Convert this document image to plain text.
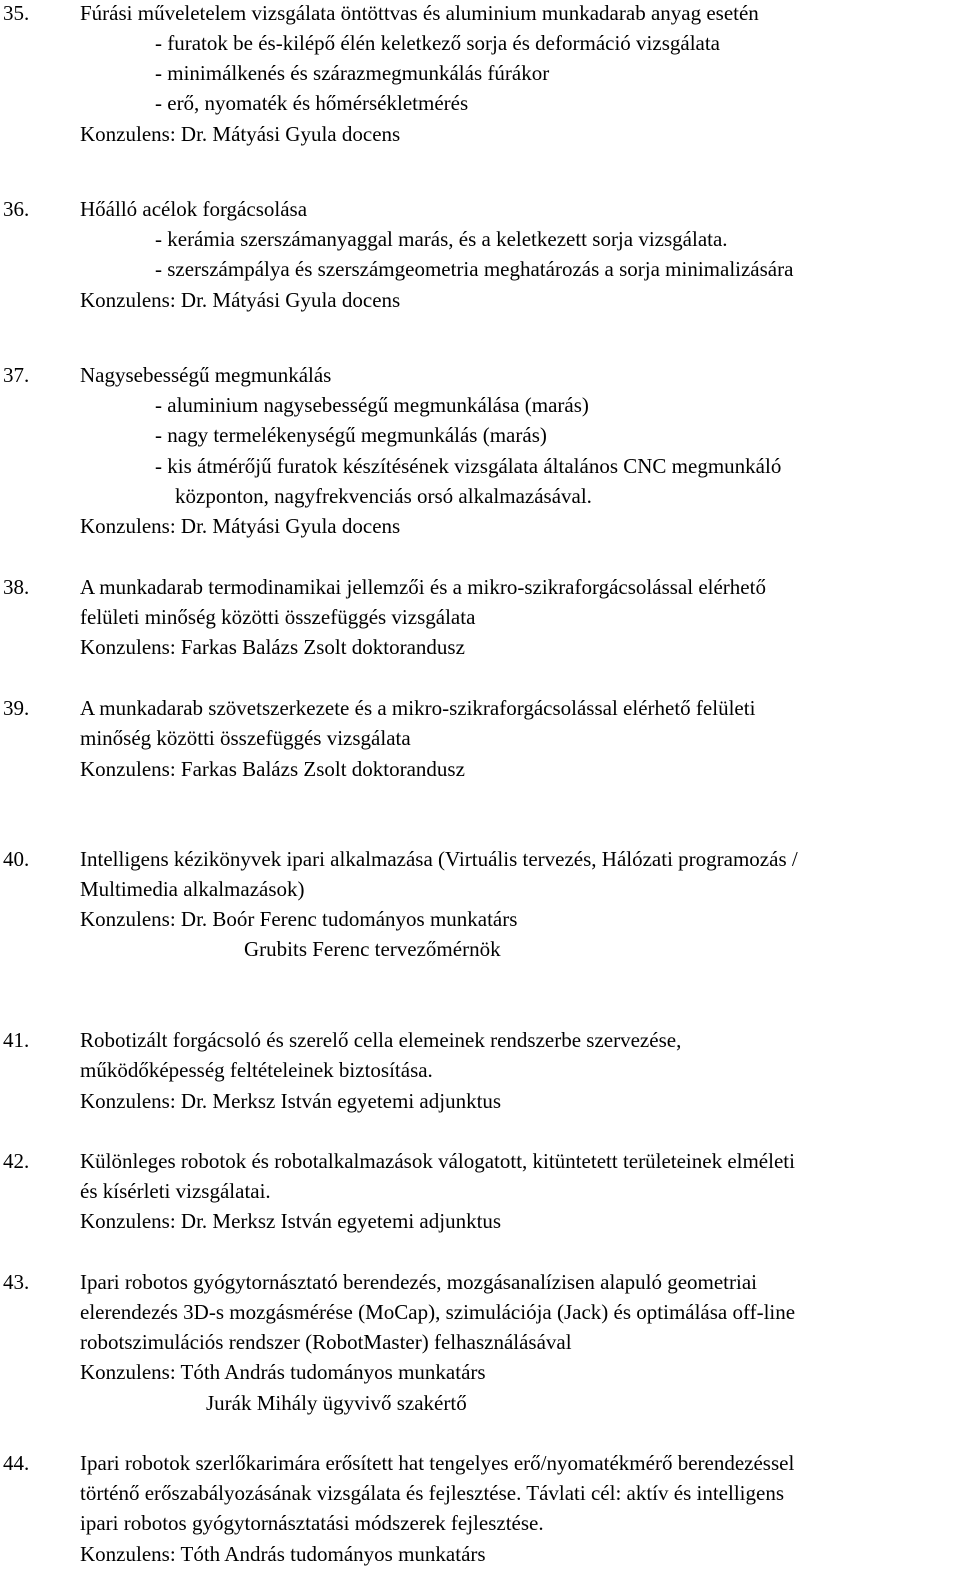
35. Fúrási műveletelem vizsgálata öntöttvas és aluminium munkadarab anyag esetén
- furatok be és-kilépő élén keletkező sorja és deformáció vizsgálata
- minimálkenés és szárazmegmunkálás fúrákor
- erő, nyomaték és hőmérsékletmérés
Konzulens: Dr. Mátyási Gyula docens
36. Hőálló acélok forgácsolása
- kerámia szerszámanyaggal marás, és a keletkezett sorja vizsgálata.
- szerszámpálya és szerszámgeometria meghatározás a sorja minimalizására
Konzulens: Dr. Mátyási Gyula docens
37. Nagysebességű megmunkálás
- aluminium nagysebességű megmunkálása (marás)
- nagy termelékenységű megmunkálás (marás)
- kis átmérőjű furatok készítésének vizsgálata általános CNC megmunkáló
központon, nagyfrekvenciás orsó alkalmazásával.
Konzulens: Dr. Mátyási Gyula docens
38. A munkadarab termodinamikai jellemzői és a mikro-szikraforgácsolással elérhető
felületi minőség közötti összefüggés vizsgálata
Konzulens: Farkas Balázs Zsolt doktorandusz
39. A munkadarab szövetszerkezete és a mikro-szikraforgácsolással elérhető felületi
minőség közötti összefüggés vizsgálata
Konzulens: Farkas Balázs Zsolt doktorandusz
40. Intelligens kézikönyvek ipari alkalmazása (Virtuális tervezés, Hálózati programozás /
Multimedia alkalmazások)
Konzulens: Dr. Boór Ferenc tudományos munkatárs
Grubits Ferenc tervezőmérnök
41. Robotizált forgácsoló és szerelő cella elemeinek rendszerbe szervezése,
működőképesség feltételeinek biztosítása.
Konzulens: Dr. Merksz István egyetemi adjunktus
42. Különleges robotok és robotalkalmazások válogatott, kitüntetett területeinek elméleti
és kísérleti vizsgálatai.
Konzulens: Dr. Merksz István egyetemi adjunktus
43. Ipari robotos gyógytornásztató berendezés, mozgásanalízisen alapuló geometriai
elerendezés 3D-s mozgásmérése (MoCap), szimulációja (Jack) és optimálása off-line
robotszimulációs rendszer (RobotMaster) felhasználásával
Konzulens: Tóth András tudományos munkatárs
Jurák Mihály ügyvivő szakértő
44. Ipari robotok szerlőkarimára erősített hat tengelyes erő/nyomatékmérő berendezéssel
történő erőszabályozásának vizsgálata és fejlesztése. Távlati cél: aktív és intelligens
ipari robotos gyógytornásztatási módszerek fejlesztése.
Konzulens: Tóth András tudományos munkatárs
